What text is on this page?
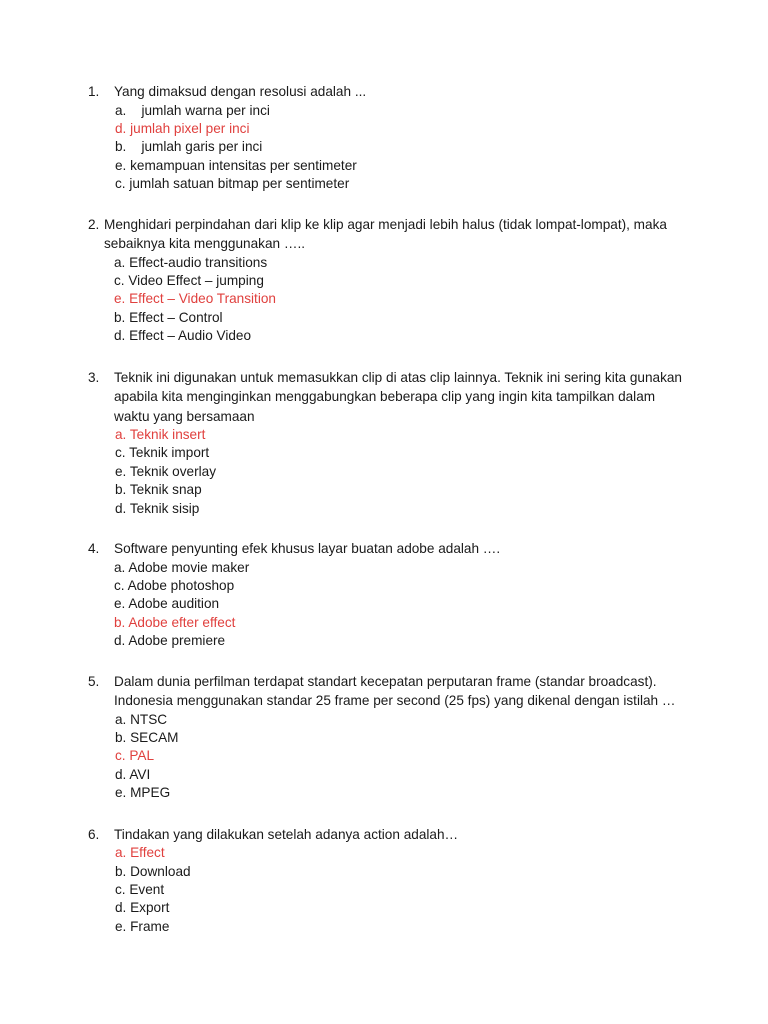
1.	Yang dimaksud dengan resolusi adalah ...
a.    jumlah warna per inci
d. jumlah pixel per inci
b.    jumlah garis per inci
e. kemampuan intensitas per sentimeter
c. jumlah satuan bitmap per sentimeter
2. Menghidari perpindahan dari klip ke klip agar menjadi lebih halus (tidak lompat-lompat), maka sebaiknya kita menggunakan …..
a. Effect-audio transitions
c. Video Effect – jumping
e. Effect – Video Transition
b. Effect – Control
d. Effect – Audio Video
3.	Teknik ini digunakan untuk memasukkan clip di atas clip lainnya. Teknik ini sering kita gunakan apabila kita menginginkan menggabungkan beberapa clip yang ingin kita tampilkan dalam waktu yang bersamaan
a. Teknik insert
c. Teknik import
e. Teknik overlay
b. Teknik snap
d. Teknik sisip
4.	Software penyunting efek khusus layar buatan adobe adalah ….
a. Adobe movie maker
c. Adobe photoshop
e. Adobe audition
b. Adobe efter effect
d. Adobe premiere
5.	Dalam dunia perfilman terdapat standart kecepatan perputaran frame (standar broadcast). Indonesia menggunakan standar 25 frame per second (25 fps) yang dikenal dengan istilah …
a. NTSC
b. SECAM
c. PAL
d. AVI
e. MPEG
6.	Tindakan yang dilakukan setelah adanya action adalah…
a. Effect
b. Download
c. Event
d. Export
e. Frame
